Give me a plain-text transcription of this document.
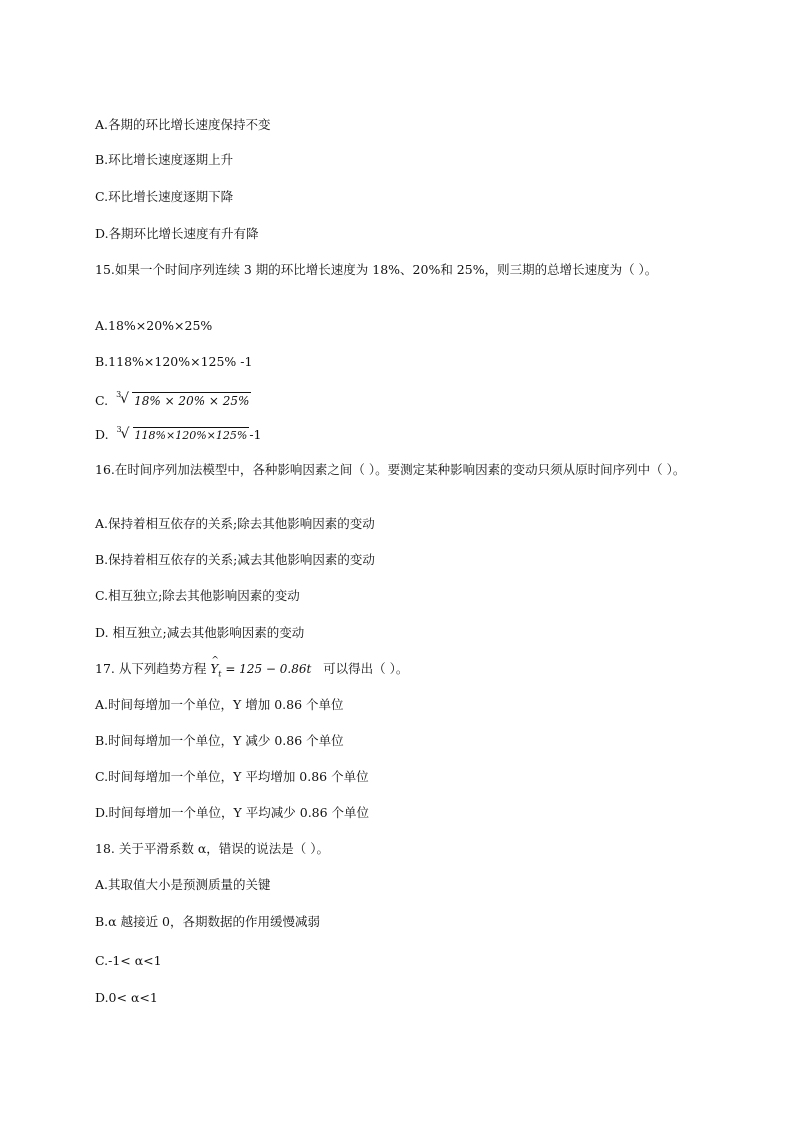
A.各期的环比增长速度保持不变
B.环比增长速度逐期上升
C.环比增长速度逐期下降
D.各期环比增长速度有升有降
15.如果一个时间序列连续 3 期的环比增长速度为 18%、20%和 25%，则三期的总增长速度为（ ）。
A.18%×20%×25%
B.118%×120%×125% -1
C. 3
√ 18% × 20% × 25%
D. 3
√ 118%×120%×125% -1
16.在时间序列加法模型中，各种影响因素之间（ ）。要测定某种影响因素的变动只须从原时间序列中（ ）。
A.保持着相互依存的关系;除去其他影响因素的变动
B.保持着相互依存的关系;减去其他影响因素的变动
C.相互独立;除去其他影响因素的变动
D. 相互独立;减去其他影响因素的变动
17. 从下列趋势方程 ^ $Y_t = 125 - 0.86t$ 可以得出（ ）。
A.时间每增加一个单位，Y 增加 0.86 个单位
B.时间每增加一个单位，Y 减少 0.86 个单位
C.时间每增加一个单位，Y 平均增加 0.86 个单位
D.时间每增加一个单位，Y 平均减少 0.86 个单位
18. 关于平滑系数 α，错误的说法是（ ）。
A.其取值大小是预测质量的关键
B.α 越接近 0，各期数据的作用缓慢减弱
C.-1< α<1
D.0< α<1
